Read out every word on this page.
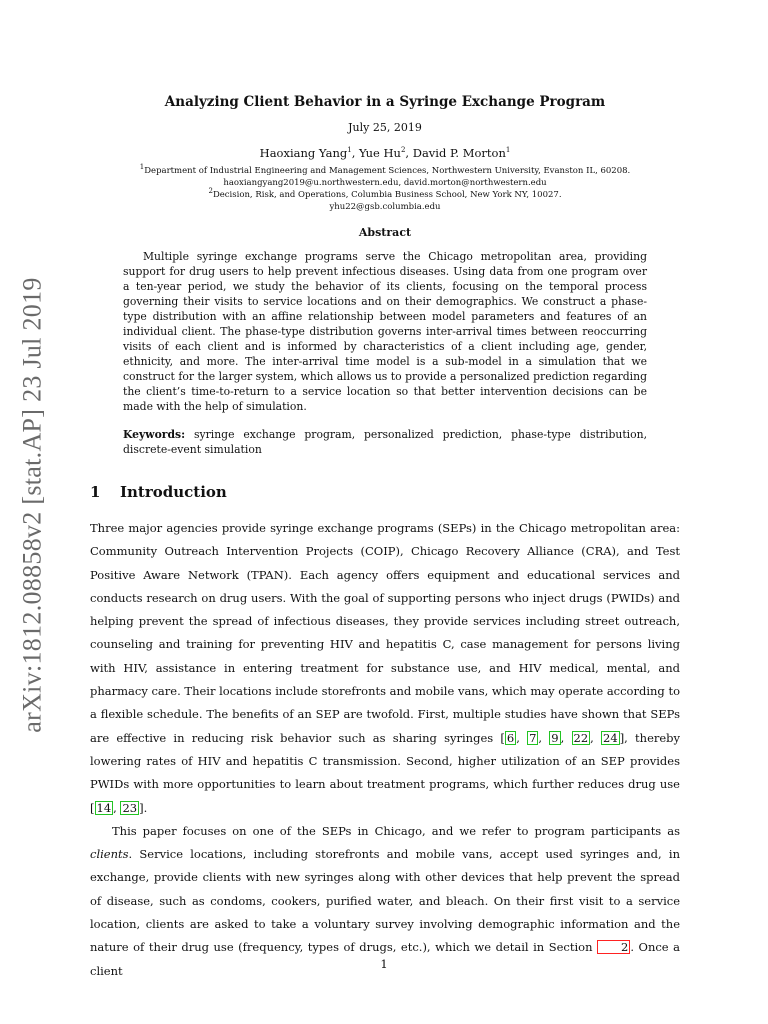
arXiv:1812.08858v2 [stat.AP] 23 Jul 2019
Analyzing Client Behavior in a Syringe Exchange Program
July 25, 2019
Haoxiang Yang$^1$, Yue Hu$^2$, David P. Morton$^1$
$^1$Department of Industrial Engineering and Management Sciences, Northwestern University, Evanston IL, 60208.
haoxiangyang2019@u.northwestern.edu, david.morton@northwestern.edu
$^2$Decision, Risk, and Operations, Columbia Business School, New York NY, 10027.
yhu22@gsb.columbia.edu
Abstract
Multiple syringe exchange programs serve the Chicago metropolitan area, providing support for drug users to help prevent infectious diseases. Using data from one program over a ten-year period, we study the behavior of its clients, focusing on the temporal process governing their visits to service locations and on their demographics. We construct a phase-type distribution with an affine relationship between model parameters and features of an individual client. The phase-type distribution governs inter-arrival times between reoccurring visits of each client and is informed by characteristics of a client including age, gender, ethnicity, and more. The inter-arrival time model is a sub-model in a simulation that we construct for the larger system, which allows us to provide a personalized prediction regarding the client’s time-to-return to a service location so that better intervention decisions can be made with the help of simulation.
Keywords: syringe exchange program, personalized prediction, phase-type distribution, discrete-event simulation
1	Introduction

Three major agencies provide syringe exchange programs (SEPs) in the Chicago metropolitan area: Community Outreach Intervention Projects (COIP), Chicago Recovery Alliance (CRA), and Test Positive Aware Network (TPAN). Each agency offers equipment and educational services and conducts research on drug users. With the goal of supporting persons who inject drugs (PWIDs) and helping prevent the spread of infectious diseases, they provide services including street outreach, counseling and training for preventing HIV and hepatitis C, case management for persons living with HIV, assistance in entering treatment for substance use, and HIV medical, mental, and pharmacy care. Their locations include storefronts and mobile vans, which may operate according to a flexible schedule. The benefits of an SEP are twofold. First, multiple studies have shown that SEPs are effective in reducing risk behavior such as sharing syringes [ 6 , 7 , 9 , 22 , 24 ], thereby lowering rates of HIV and hepatitis C transmission. Second, higher utilization of an SEP provides PWIDs with more opportunities to learn about treatment programs, which further reduces drug use [ 14 , 23 ].

This paper focuses on one of the SEPs in Chicago, and we refer to program participants as clients. Service locations, including storefronts and mobile vans, accept used syringes and, in exchange, provide clients with new syringes along with other devices that help prevent the spread of disease, such as condoms, cookers, purified water, and bleach. On their first visit to a service location, clients are asked to take a voluntary survey involving demographic information and the nature of their drug use (frequency, types of drugs, etc.), which we detail in Section 2 . Once a client	1
